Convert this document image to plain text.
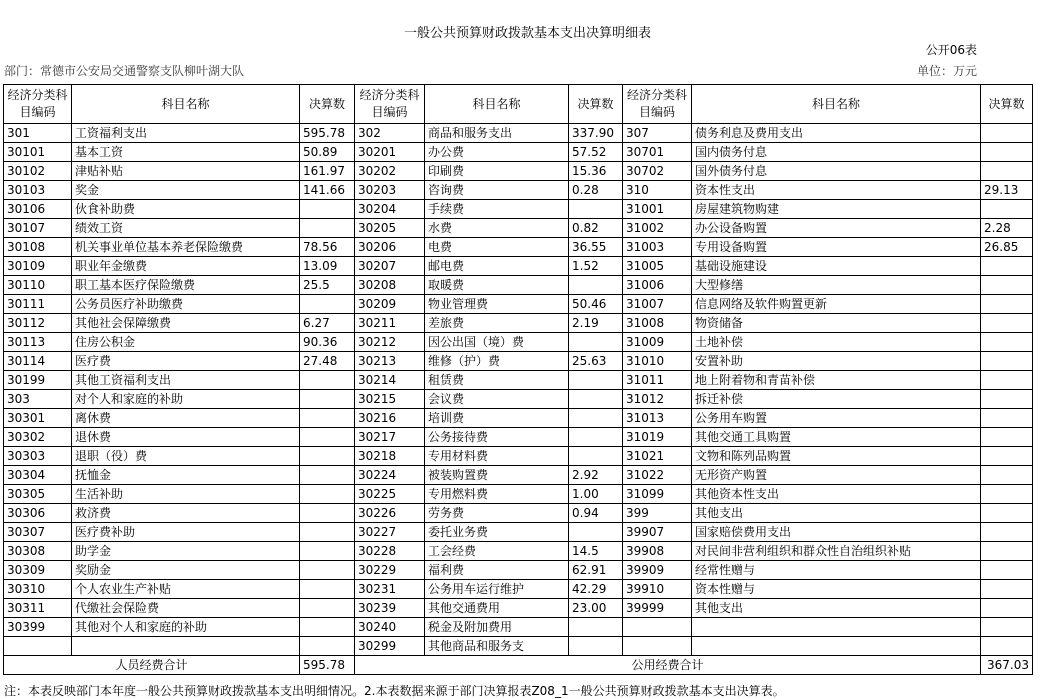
一般公共预算财政拨款基本支出决算明细表
公开06表
部门：常德市公安局交通警察支队柳叶湖大队	单位：万元
经济分类科目编码	科目名称	决算数	经济分类科目编码	科目名称	决算数	经济分类科目编码	科目名称	决算数
301	工资福利支出	595.78	302	商品和服务支出	337.90	307	债务利息及费用支出	
30101	基本工资	50.89	30201	办公费	57.52	30701	国内债务付息	
30102	津贴补贴	161.97	30202	印刷费	15.36	30702	国外债务付息	
30103	奖金	141.66	30203	咨询费	0.28	310	资本性支出	29.13
30106	伙食补助费		30204	手续费		31001	房屋建筑物购建	
30107	绩效工资		30205	水费	0.82	31002	办公设备购置	2.28
30108	机关事业单位基本养老保险缴费	78.56	30206	电费	36.55	31003	专用设备购置	26.85
30109	职业年金缴费	13.09	30207	邮电费	1.52	31005	基础设施建设	
30110	职工基本医疗保险缴费	25.5	30208	取暖费		31006	大型修缮	
30111	公务员医疗补助缴费		30209	物业管理费	50.46	31007	信息网络及软件购置更新	
30112	其他社会保障缴费	6.27	30211	差旅费	2.19	31008	物资储备	
30113	住房公积金	90.36	30212	因公出国（境）费		31009	土地补偿	
30114	医疗费	27.48	30213	维修（护）费	25.63	31010	安置补助	
30199	其他工资福利支出		30214	租赁费		31011	地上附着物和青苗补偿	
303	对个人和家庭的补助		30215	会议费		31012	拆迁补偿	
30301	离休费		30216	培训费		31013	公务用车购置	
30302	退休费		30217	公务接待费		31019	其他交通工具购置	
30303	退职（役）费		30218	专用材料费		31021	文物和陈列品购置	
30304	抚恤金		30224	被装购置费	2.92	31022	无形资产购置	
30305	生活补助		30225	专用燃料费	1.00	31099	其他资本性支出	
30306	救济费		30226	劳务费	0.94	399	其他支出	
30307	医疗费补助		30227	委托业务费		39907	国家赔偿费用支出	
30308	助学金		30228	工会经费	14.5	39908	对民间非营利组织和群众性自治组织补贴	
30309	奖励金		30229	福利费	62.91	39909	经常性赠与	
30310	个人农业生产补贴		30231	公务用车运行维护	42.29	39910	资本性赠与	
30311	代缴社会保险费		30239	其他交通费用	23.00	39999	其他支出	
30399	其他对个人和家庭的补助		30240	税金及附加费用				
			30299	其他商品和服务支				
人员经费合计		595.78	公用经费合计					367.03
注：本表反映部门本年度一般公共预算财政拨款基本支出明细情况。2.本表数据来源于部门决算报表Z08_1一般公共预算财政拨款基本支出决算表。
